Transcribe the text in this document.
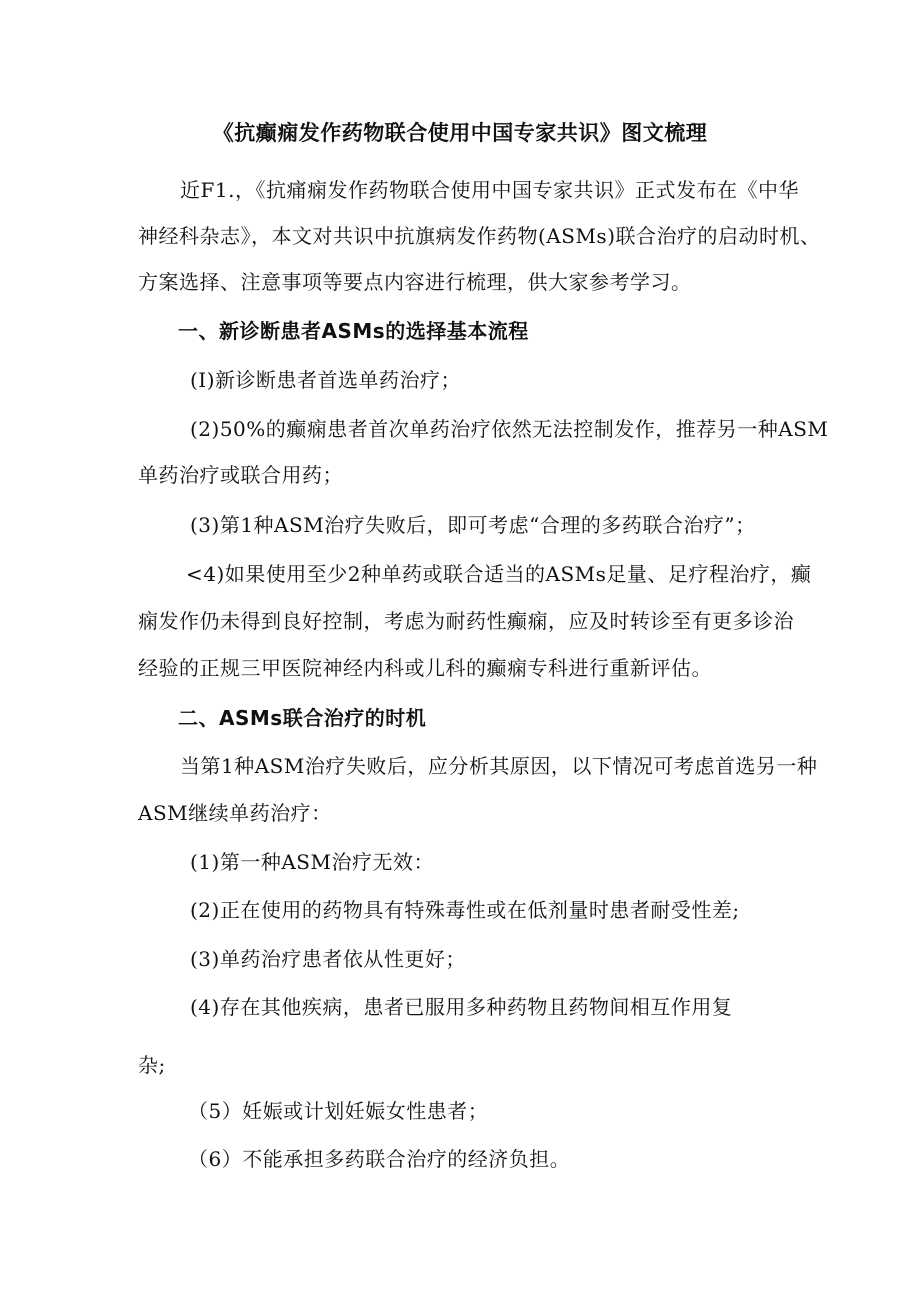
《抗癫痫发作药物联合使用中国专家共识》图文梳理
近F1.，《抗痛痫发作药物联合使用中国专家共识》正式发布在《中华
神经科杂志》，本文对共识中抗旗病发作药物(ASMs)联合治疗的启动时机、
方案选择、注意事项等要点内容进行梳理，供大家参考学习。
一、新诊断患者ASMs的选择基本流程
(I)新诊断患者首选单药治疗；
(2)50%的癫痫患者首次单药治疗依然无法控制发作，推荐另一种ASM
单药治疗或联合用药；
(3)第1种ASM治疗失败后，即可考虑“合理的多药联合治疗”；
<4)如果使用至少2种单药或联合适当的ASMs足量、足疗程治疗，癫
痫发作仍未得到良好控制，考虑为耐药性癫痫，应及时转诊至有更多诊治
经验的正规三甲医院神经内科或儿科的癫痫专科进行重新评估。
二、ASMs联合治疗的时机
当第1种ASM治疗失败后，应分析其原因，以下情况可考虑首选另一种
ASM继续单药治疗：
(1)第一种ASM治疗无效：
(2)正在使用的药物具有特殊毒性或在低剂量时患者耐受性差;
(3)单药治疗患者依从性更好；
(4)存在其他疾病，患者已服用多种药物且药物间相互作用复
杂;
（5）妊娠或计划妊娠女性患者；
（6）不能承担多药联合治疗的经济负担。
